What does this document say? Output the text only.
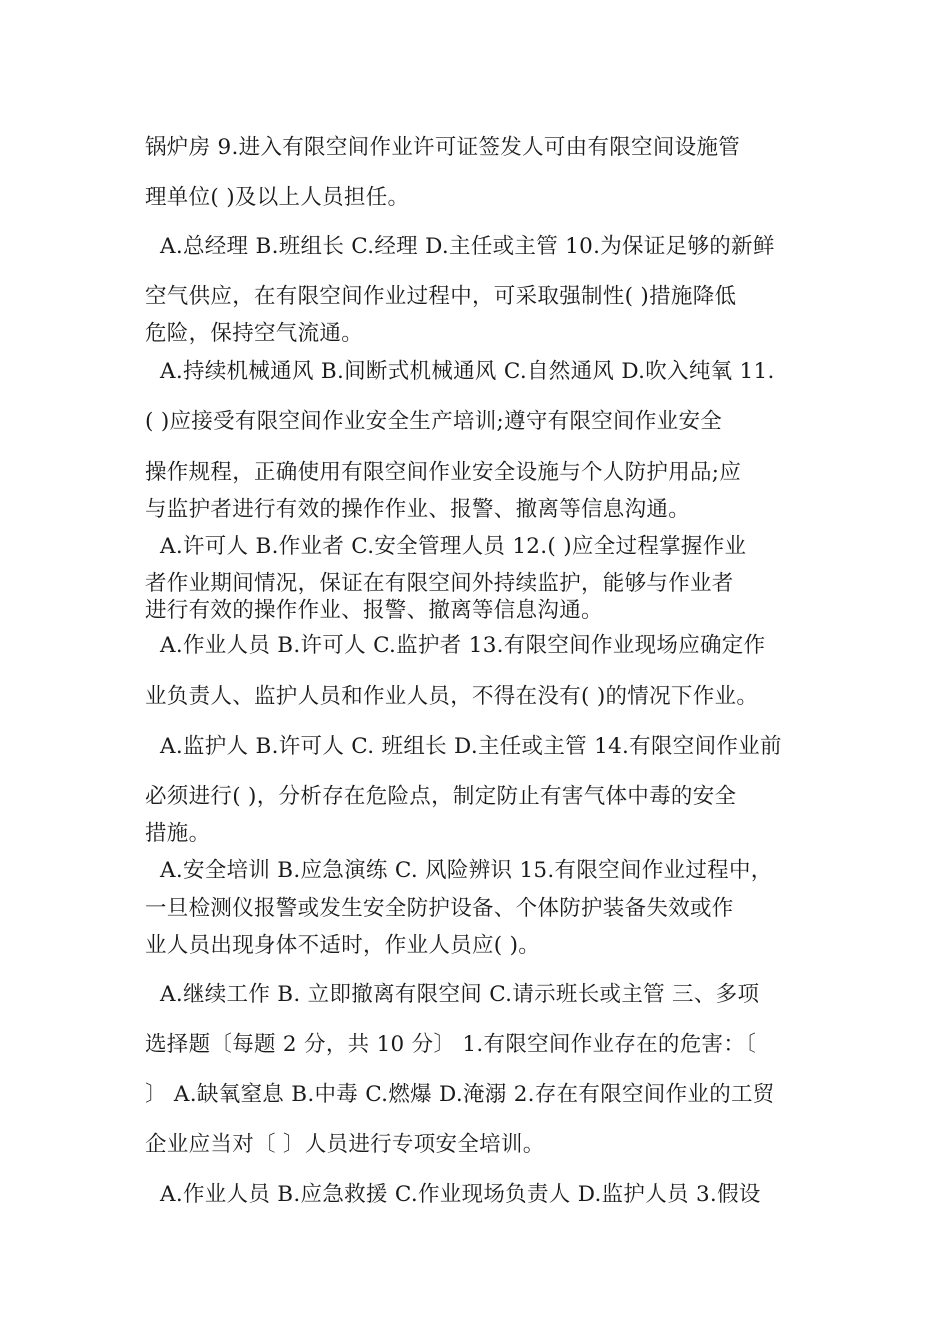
锅炉房 9.进入有限空间作业许可证签发人可由有限空间设施管
理单位( )及以上人员担任。
A.总经理 B.班组长 C.经理 D.主任或主管 10.为保证足够的新鲜
空气供应，在有限空间作业过程中，可采取强制性( )措施降低
危险，保持空气流通。
A.持续机械通风 B.间断式机械通风 C.自然通风 D.吹入纯氧 11.
( )应接受有限空间作业安全生产培训;遵守有限空间作业安全
操作规程，正确使用有限空间作业安全设施与个人防护用品;应
与监护者进行有效的操作作业、报警、撤离等信息沟通。
A.许可人 B.作业者 C.安全管理人员 12.( )应全过程掌握作业
者作业期间情况，保证在有限空间外持续监护，能够与作业者
进行有效的操作作业、报警、撤离等信息沟通。
A.作业人员 B.许可人 C.监护者 13.有限空间作业现场应确定作
业负责人、监护人员和作业人员，不得在没有( )的情况下作业。
A.监护人 B.许可人 C. 班组长 D.主任或主管 14.有限空间作业前
必须进行( )，分析存在危险点，制定防止有害气体中毒的安全
措施。
A.安全培训 B.应急演练 C. 风险辨识 15.有限空间作业过程中，
一旦检测仪报警或发生安全防护设备、个体防护装备失效或作
业人员出现身体不适时，作业人员应( )。
A.继续工作 B. 立即撤离有限空间 C.请示班长或主管 三、多项
选择题〔每题 2 分，共 10 分〕 1.有限空间作业存在的危害：〔
〕 A.缺氧窒息 B.中毒 C.燃爆 D.淹溺 2.存在有限空间作业的工贸
企业应当对〔 〕人员进行专项安全培训。
A.作业人员 B.应急救援 C.作业现场负责人 D.监护人员 3.假设
